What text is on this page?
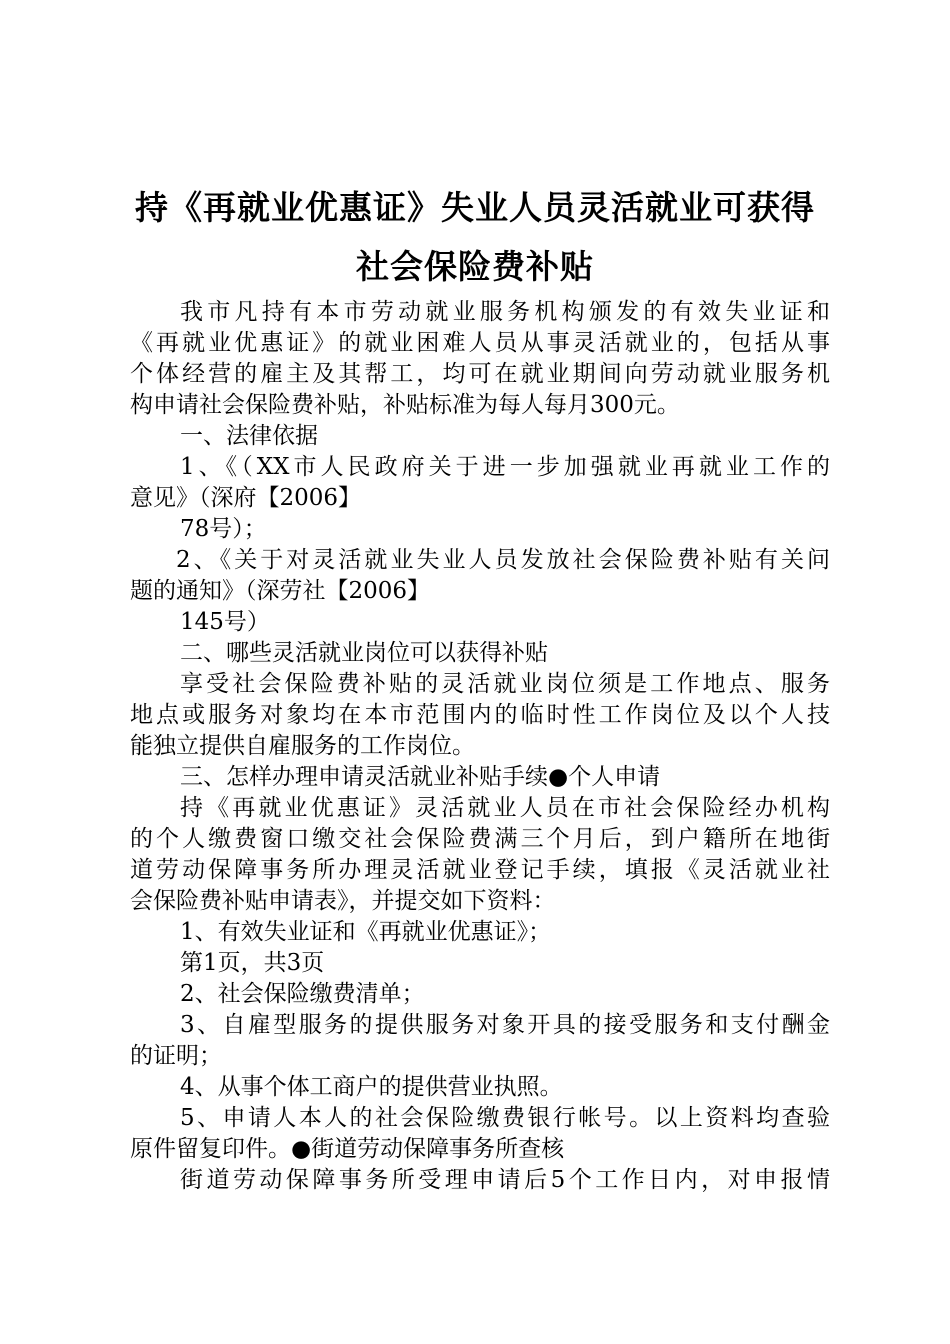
持《再就业优惠证》失业人员灵活就业可获得
社会保险费补贴
我市凡持有本市劳动就业服务机构颁发的有效失业证和
《再就业优惠证》的就业困难人员从事灵活就业的，包括从事
个体经营的雇主及其帮工，均可在就业期间向劳动就业服务机
构申请社会保险费补贴，补贴标准为每人每月300元。
一、法律依据
1、《（XX市人民政府关于进一步加强就业再就业工作的
意见》（深府【2006】
78号）；
2、《关于对灵活就业失业人员发放社会保险费补贴有关问
题的通知》（深劳社【2006】
145号）
二、哪些灵活就业岗位可以获得补贴
享受社会保险费补贴的灵活就业岗位须是工作地点、服务
地点或服务对象均在本市范围内的临时性工作岗位及以个人技
能独立提供自雇服务的工作岗位。
三、怎样办理申请灵活就业补贴手续●个人申请
持《再就业优惠证》灵活就业人员在市社会保险经办机构
的个人缴费窗口缴交社会保险费满三个月后，到户籍所在地街
道劳动保障事务所办理灵活就业登记手续，填报《灵活就业社
会保险费补贴申请表》，并提交如下资料：
1、有效失业证和《再就业优惠证》；
第1页，共3页
2、社会保险缴费清单；
3、自雇型服务的提供服务对象开具的接受服务和支付酬金
的证明；
4、从事个体工商户的提供营业执照。
5、申请人本人的社会保险缴费银行帐号。以上资料均查验
原件留复印件。●街道劳动保障事务所查核
街道劳动保障事务所受理申请后5个工作日内，对申报情
